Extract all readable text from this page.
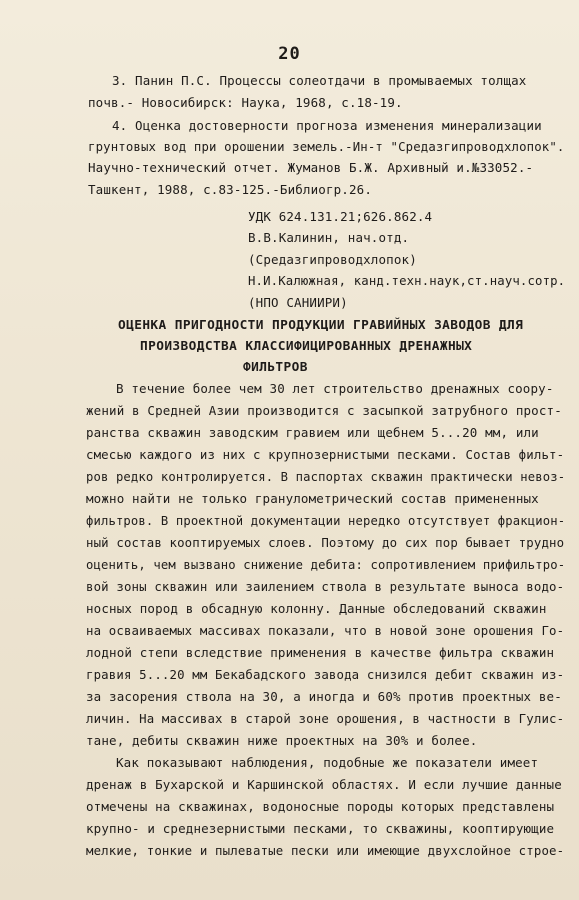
20
3. Панин П.С. Процессы солеотдачи в промываемых толщах
почв.- Новосибирск: Наука, 1968, с.18-19.
4. Оценка достоверности прогноза изменения минерализации
грунтовых вод при орошении земель.-Ин-т "Средазгипроводхлопок".
Научно-технический отчет. Жуманов Б.Ж. Архивный и.№33052.-
Ташкент, 1988, с.83-125.-Библиогр.26.
УДК 624.131.21;626.862.4
В.В.Калинин, нач.отд.
(Средазгипроводхлопок)
Н.И.Калюжная, канд.техн.наук,ст.науч.сотр.
(НПО САНИИРИ)
ОЦЕНКА ПРИГОДНОСТИ ПРОДУКЦИИ ГРАВИЙНЫХ ЗАВОДОВ ДЛЯ
ПРОИЗВОДСТВА КЛАССИФИЦИРОВАННЫХ ДРЕНАЖНЫХ
ФИЛЬТРОВ
В течение более чем 30 лет строительство дренажных соору-
жений в Средней Азии производится с засыпкой затрубного прост-
ранства скважин заводским гравием или щебнем 5...20 мм, или
смесью каждого из них с крупнозернистыми песками. Состав фильт-
ров редко контролируется. В паспортах скважин практически невоз-
можно найти не только гранулометрический состав примененных
фильтров. В проектной документации нередко отсутствует фракцион-
ный состав кооптируемых слоев. Поэтому до сих пор бывает трудно
оценить, чем вызвано снижение дебита: сопротивлением прифильтро-
вой зоны скважин или заилением ствола в результате выноса водо-
носных пород в обсадную колонну. Данные обследований скважин
на осваиваемых массивах показали, что в новой зоне орошения Го-
лодной степи вследствие применения в качестве фильтра скважин
гравия 5...20 мм Бекабадского завода снизился дебит скважин из-
за засорения ствола на 30, а иногда и 60% против проектных ве-
личин. На массивах в старой зоне орошения, в частности в Гулис-
тане, дебиты скважин ниже проектных на 30% и более.
Как показывают наблюдения, подобные же показатели имеет
дренаж в Бухарской и Каршинской областях. И если лучшие данные
отмечены на скважинах, водоносные породы которых представлены
крупно- и среднезернистыми песками, то скважины, кооптирующие
мелкие, тонкие и пылеватые пески или имеющие двухслойное строе-
